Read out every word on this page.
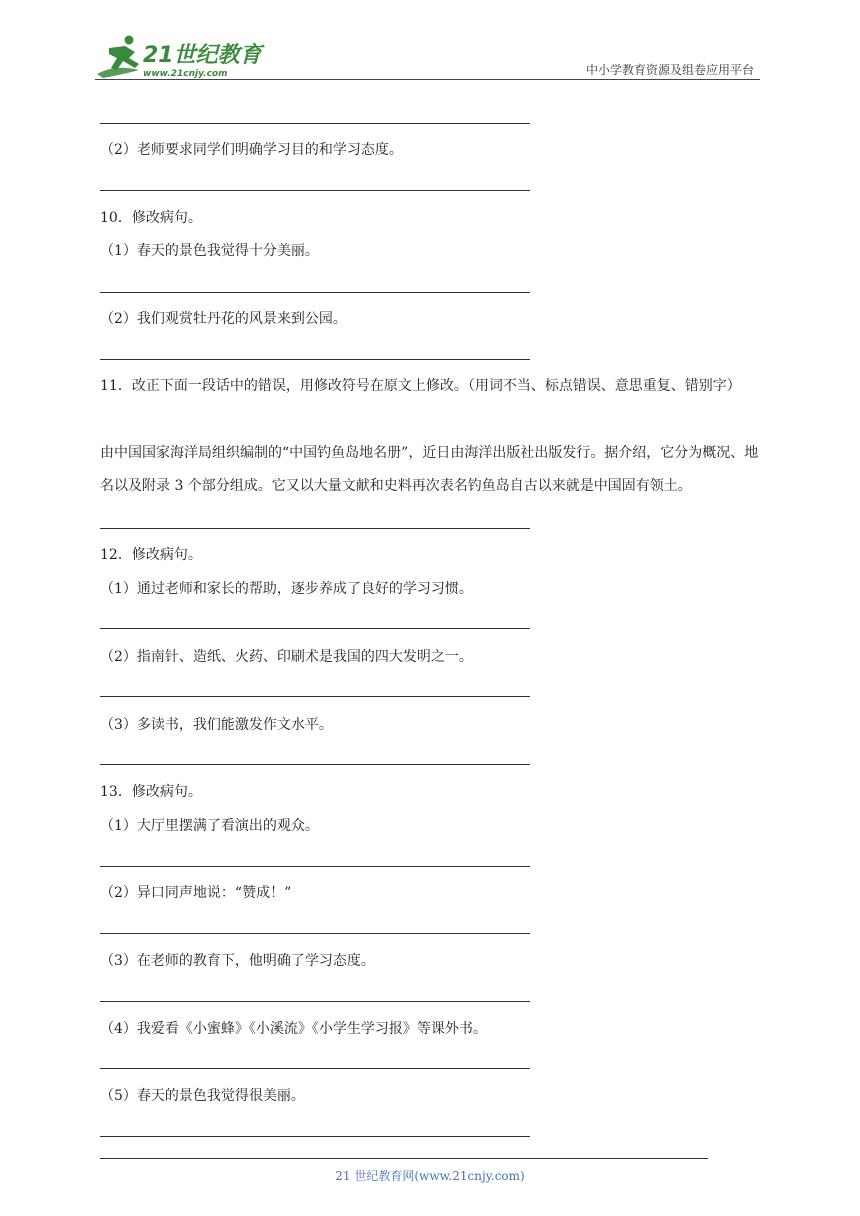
21世纪教育
www.21cnjy.com	中小学教育资源及组卷应用平台
（2）老师要求同学们明确学习目的和学习态度。
10．修改病句。
（1）春天的景色我觉得十分美丽。
（2）我们观赏牡丹花的风景来到公园。
11．改正下面一段话中的错误，用修改符号在原文上修改。（用词不当、标点错误、意思重复、错别字）
由中国国家海洋局组织编制的“中国钓鱼岛地名册”，近日由海洋出版社出版发行。据介绍，它分为概况、地名以及附录 3 个部分组成。它又以大量文献和史料再次表名钓鱼岛自古以来就是中国固有领土。
12．修改病句。
（1）通过老师和家长的帮助，逐步养成了良好的学习习惯。
（2）指南针、造纸、火药、印刷术是我国的四大发明之一。
（3）多读书，我们能激发作文水平。
13．修改病句。
（1）大厅里摆满了看演出的观众。
（2）异口同声地说：“赞成！”
（3）在老师的教育下，他明确了学习态度。
（4）我爱看《小蜜蜂》《小溪流》《小学生学习报》等课外书。
（5）春天的景色我觉得很美丽。
21 世纪教育网(www.21cnjy.com)
